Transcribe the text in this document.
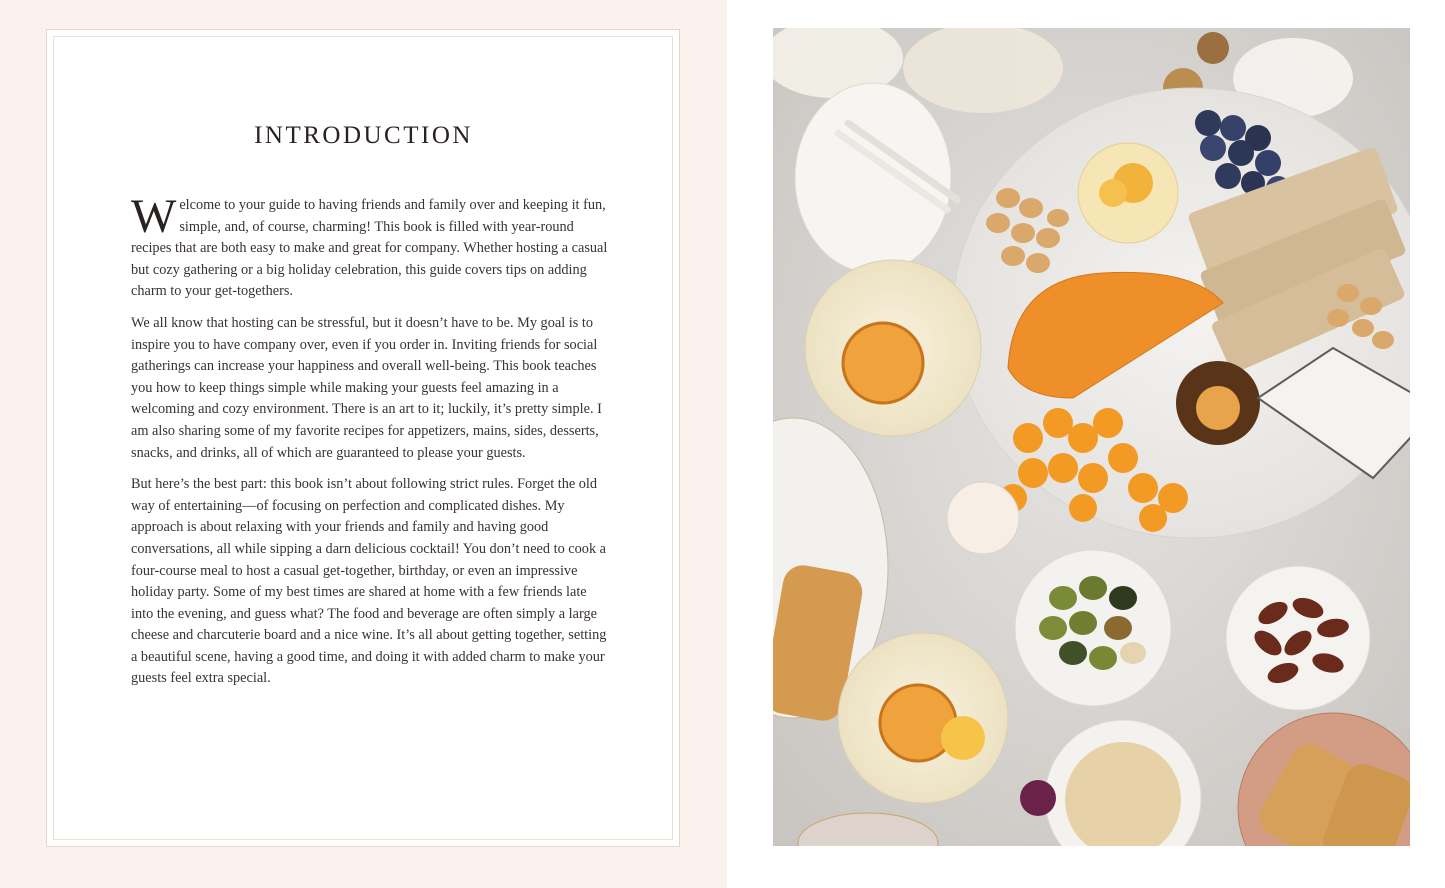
INTRODUCTION

Welcome to your guide to having friends and family over and keeping it fun, simple, and, of course, charming! This book is filled with year-round recipes that are both easy to make and great for company. Whether hosting a casual but cozy gathering or a big holiday celebration, this guide covers tips on adding charm to your get-togethers.

We all know that hosting can be stressful, but it doesn’t have to be. My goal is to inspire you to have company over, even if you order in. Inviting friends for social gatherings can increase your happiness and overall well-being. This book teaches you how to keep things simple while making your guests feel amazing in a welcoming and cozy environment. There is an art to it; luckily, it’s pretty simple. I am also sharing some of my favorite recipes for appetizers, mains, sides, desserts, snacks, and drinks, all of which are guaranteed to please your guests.

But here’s the best part: this book isn’t about following strict rules. Forget the old way of entertaining—of focusing on perfection and complicated dishes. My approach is about relaxing with your friends and family and having good conversations, all while sipping a darn delicious cocktail! You don’t need to cook a four-course meal to host a casual get-together, birthday, or even an impressive holiday party. Some of my best times are shared at home with a few friends late into the evening, and guess what? The food and beverage are often simply a large cheese and charcuterie board and a nice wine. It’s all about getting together, setting a beautiful scene, having a good time, and doing it with added charm to make your guests feel extra special.
